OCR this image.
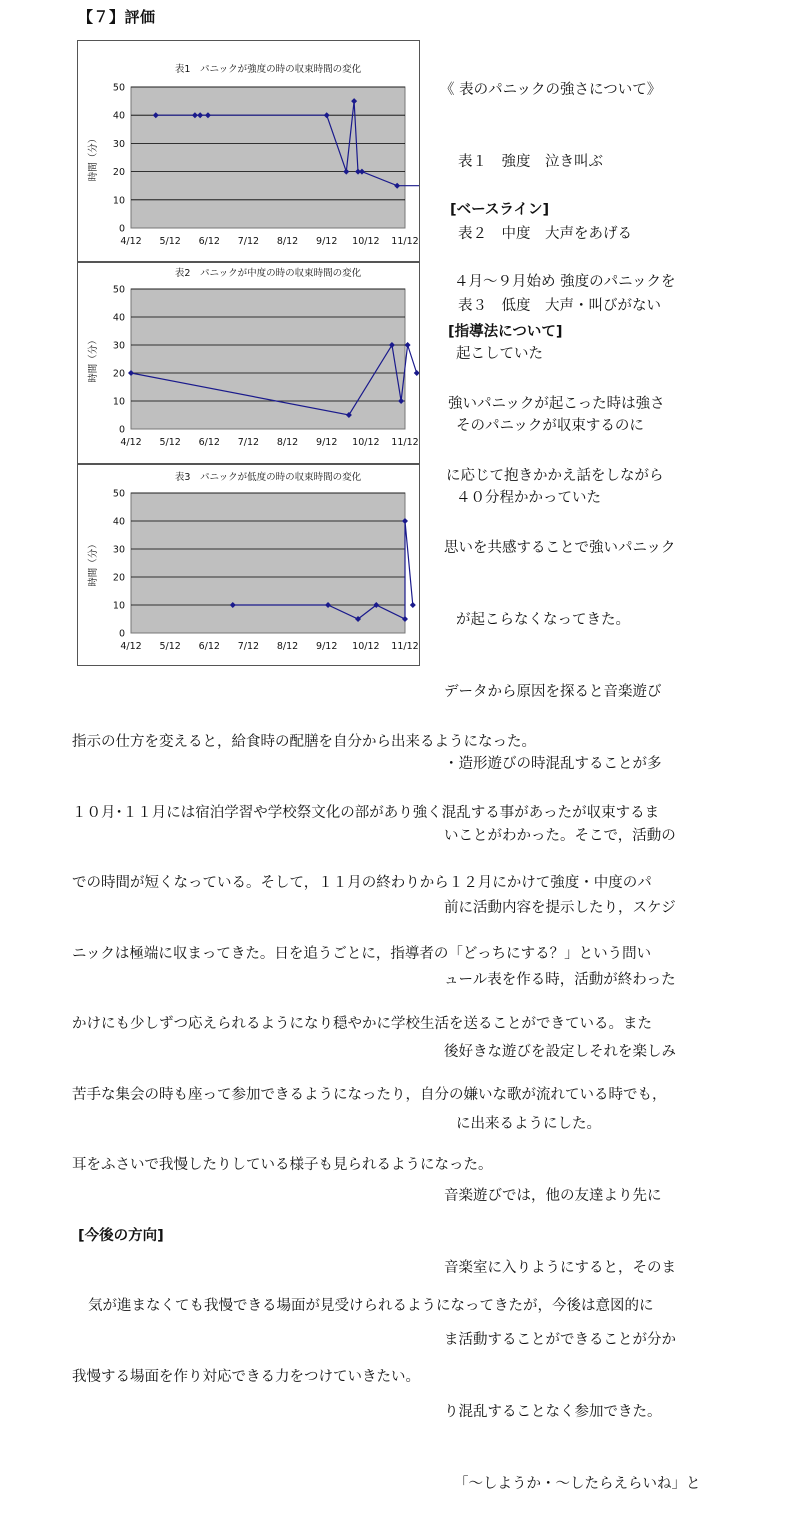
【７】評価
表1　パニックが強度の時の収束時間の変化
0
10
20
30
40
50
4/12 5/12 6/12 7/12 8/12 9/12 10/12 11/12
時間（分）
表2　パニックが中度の時の収束時間の変化
0
10
20
30
40
50
4/12 5/12 6/12 7/12 8/12 9/12 10/12 11/12
時間（分）
表3　パニックが低度の時の収束時間の変化
0
10
20
30
40
50
4/12 5/12 6/12 7/12 8/12 9/12 10/12 11/12
時間（分）

《 表のパニックの強さについて》

表１　強度　泣き叫ぶ

表２　中度　大声をあげる

表３　低度　大声・叫びがない

[ベースライン]

４月～９月始め 強度のパニックを

起こしていた

そのパニックが収束するのに

４０分程かかっていた

[指導法について]

強いパニックが起こった時は強さ

に応じて抱きかかえ話をしながら

思いを共感することで強いパニック

が起こらなくなってきた。

データから原因を探ると音楽遊び

・造形遊びの時混乱することが多

いことがわかった。そこで，活動の

前に活動内容を提示したり，スケジ

ュール表を作る時，活動が終わった

後好きな遊びを設定しそれを楽しみ

に出来るようにした。

音楽遊びでは，他の友達より先に

音楽室に入りようにすると，そのま

ま活動することができることが分か

り混乱することなく参加できた。

「～しようか・～したらえらいね」と

指示の仕方を変えると，給食時の配膳を自分から出来るようになった。

１０月･１１月には宿泊学習や学校祭文化の部があり強く混乱する事があったが収束するま

での時間が短くなっている。そして，１１月の終わりから１２月にかけて強度・中度のパ

ニックは極端に収まってきた。日を追うごとに，指導者の「どっちにする？」という問い

かけにも少しずつ応えられるようになり穏やかに学校生活を送ることができている。また

苦手な集会の時も座って参加できるようになったり，自分の嫌いな歌が流れている時でも，

耳をふさいで我慢したりしている様子も見られるようになった。

[今後の方向]

気が進まなくても我慢できる場面が見受けられるようになってきたが，今後は意図的に

我慢する場面を作り対応できる力をつけていきたい。
